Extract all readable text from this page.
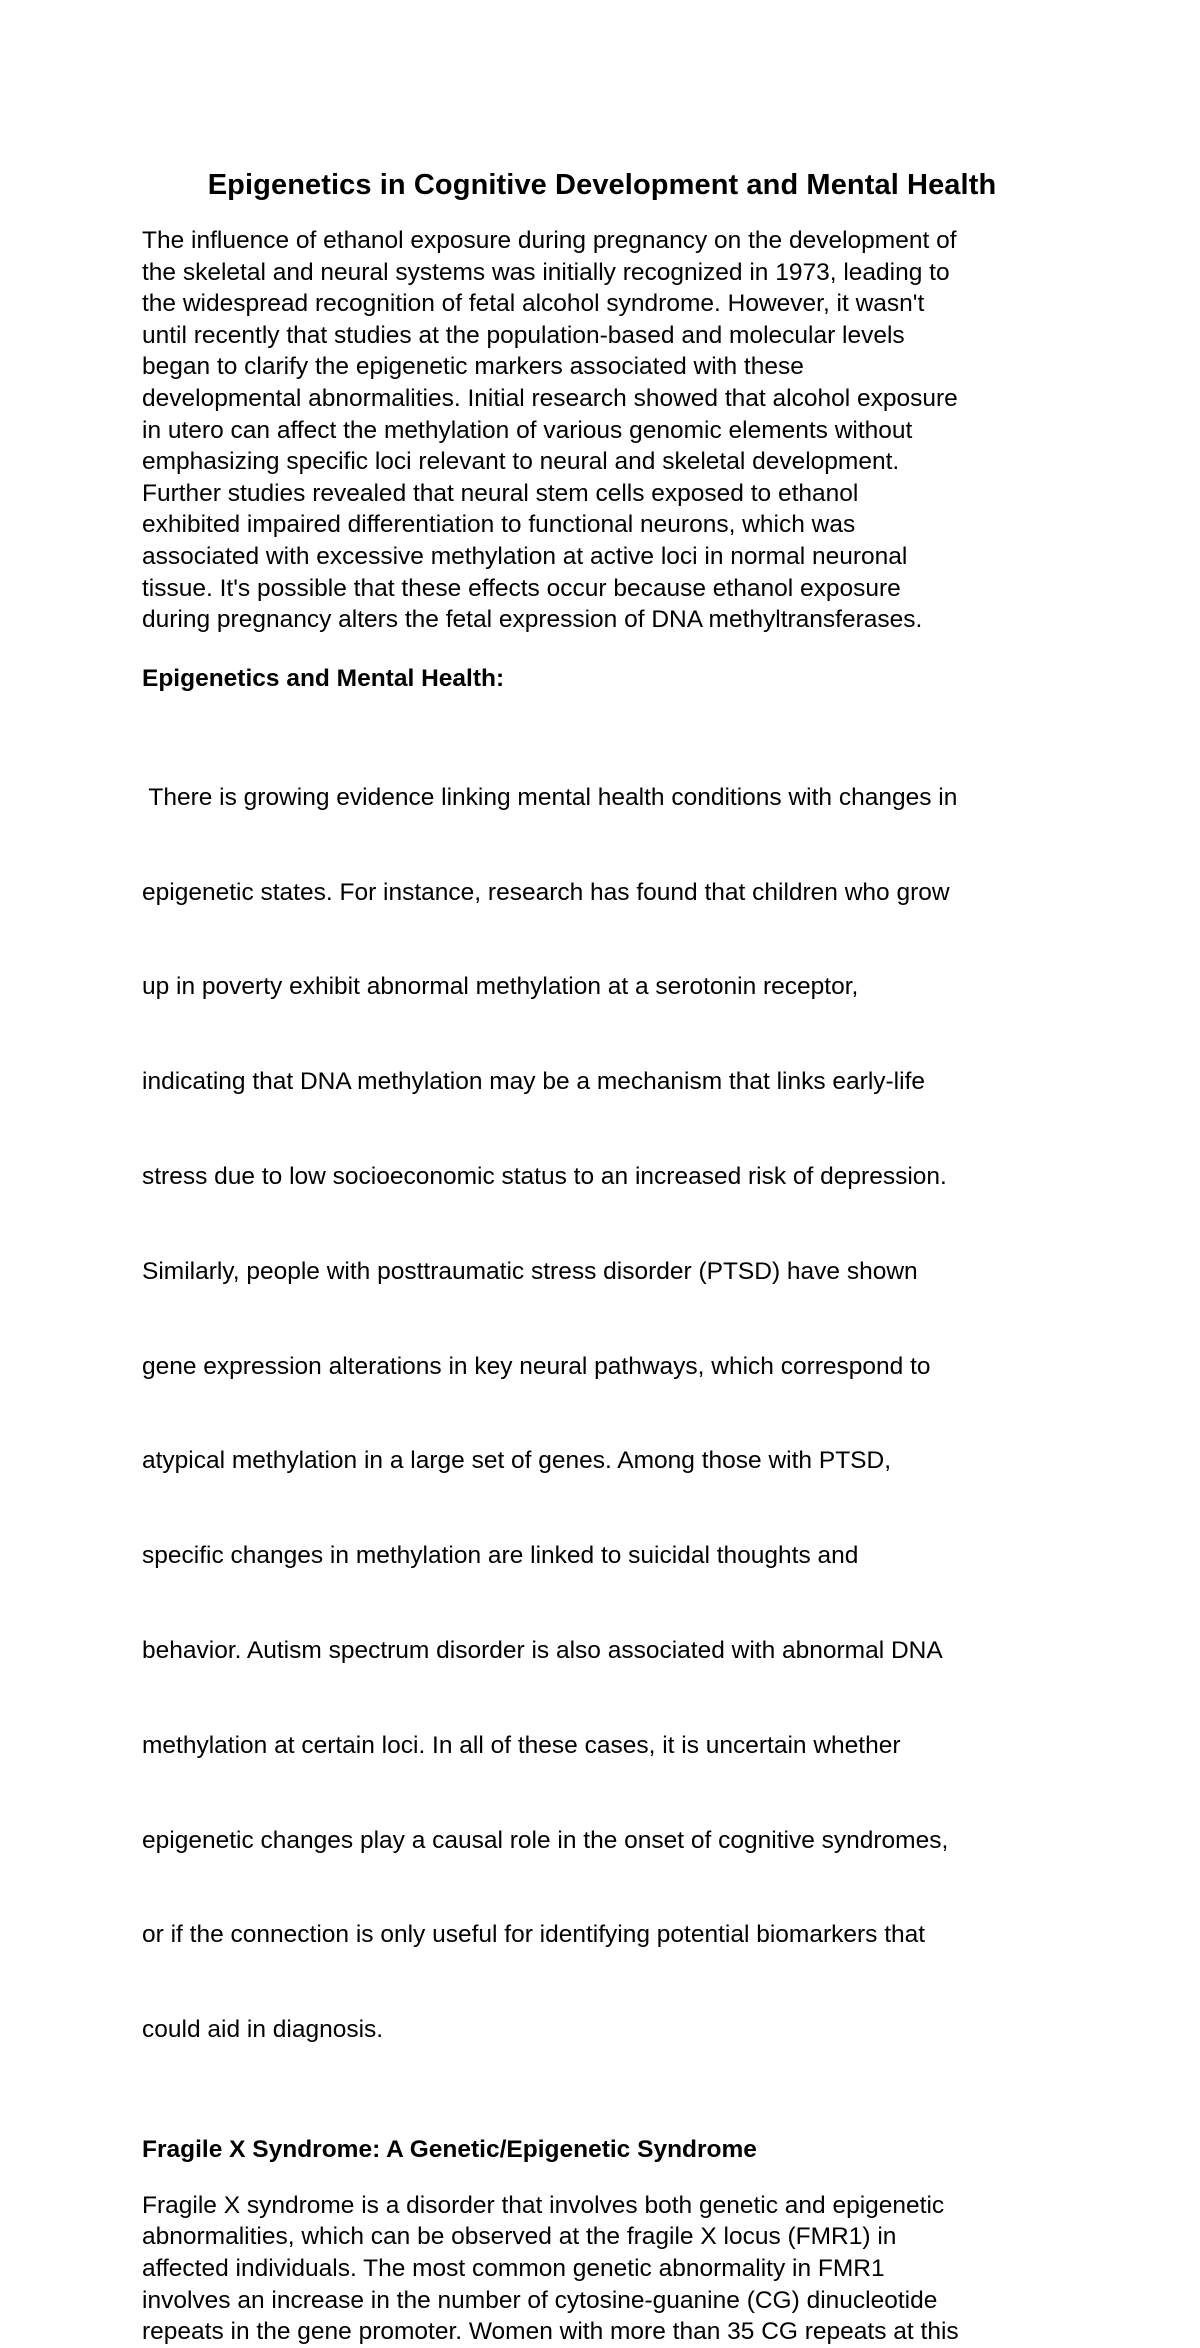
Epigenetics in Cognitive Development and Mental Health

The influence of ethanol exposure during pregnancy on the development of
the skeletal and neural systems was initially recognized in 1973, leading to
the widespread recognition of fetal alcohol syndrome. However, it wasn't
until recently that studies at the population-based and molecular levels
began to clarify the epigenetic markers associated with these
developmental abnormalities. Initial research showed that alcohol exposure
in utero can affect the methylation of various genomic elements without
emphasizing specific loci relevant to neural and skeletal development.
Further studies revealed that neural stem cells exposed to ethanol
exhibited impaired differentiation to functional neurons, which was
associated with excessive methylation at active loci in normal neuronal
tissue. It's possible that these effects occur because ethanol exposure
during pregnancy alters the fetal expression of DNA methyltransferases.

Epigenetics and Mental Health:

There is growing evidence linking mental health conditions with changes in

epigenetic states. For instance, research has found that children who grow

up in poverty exhibit abnormal methylation at a serotonin receptor,

indicating that DNA methylation may be a mechanism that links early-life

stress due to low socioeconomic status to an increased risk of depression.

Similarly, people with posttraumatic stress disorder (PTSD) have shown

gene expression alterations in key neural pathways, which correspond to

atypical methylation in a large set of genes. Among those with PTSD,

specific changes in methylation are linked to suicidal thoughts and

behavior. Autism spectrum disorder is also associated with abnormal DNA

methylation at certain loci. In all of these cases, it is uncertain whether

epigenetic changes play a causal role in the onset of cognitive syndromes,

or if the connection is only useful for identifying potential biomarkers that

could aid in diagnosis.

Fragile X Syndrome: A Genetic/Epigenetic Syndrome

Fragile X syndrome is a disorder that involves both genetic and epigenetic
abnormalities, which can be observed at the fragile X locus (FMR1) in
affected individuals. The most common genetic abnormality in FMR1
involves an increase in the number of cytosine-guanine (CG) dinucleotide
repeats in the gene promoter. Women with more than 35 CG repeats at this
